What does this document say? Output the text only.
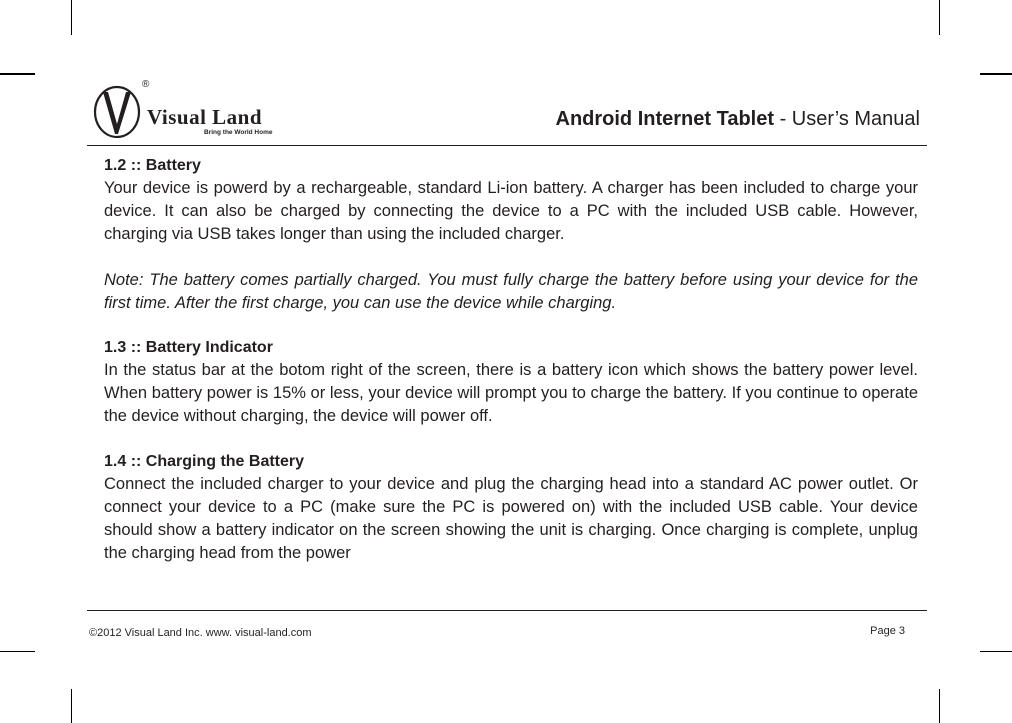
®
Visual Land
Bring the World Home
Android Internet Tablet - User’s Manual
1.2 :: Battery

Your device is powerd by a rechargeable, standard Li-ion battery. A charger has been included to charge your device. It can also be charged by connecting the device to a PC with the included USB cable. However, charging via USB takes longer than using the included charger.

Note: The battery comes partially charged. You must fully charge the battery before using your device for the first time. After the first charge, you can use the device while charging.

1.3 :: Battery Indicator

In the status bar at the botom right of the screen, there is a battery icon which shows the battery power level. When battery power is 15% or less, your device will prompt you to charge the battery. If you continue to operate the device without charging, the device will power off.

1.4 :: Charging the Battery

Connect the included charger to your device and plug the charging head into a standard AC power outlet. Or connect your device to a PC (make sure the PC is powered on) with the included USB cable. Your device should show a battery indicator on the screen showing the unit is charging. Once charging is complete, unplug the charging head from the power

©2012 Visual Land Inc. www. visual-land.com	Page 3
